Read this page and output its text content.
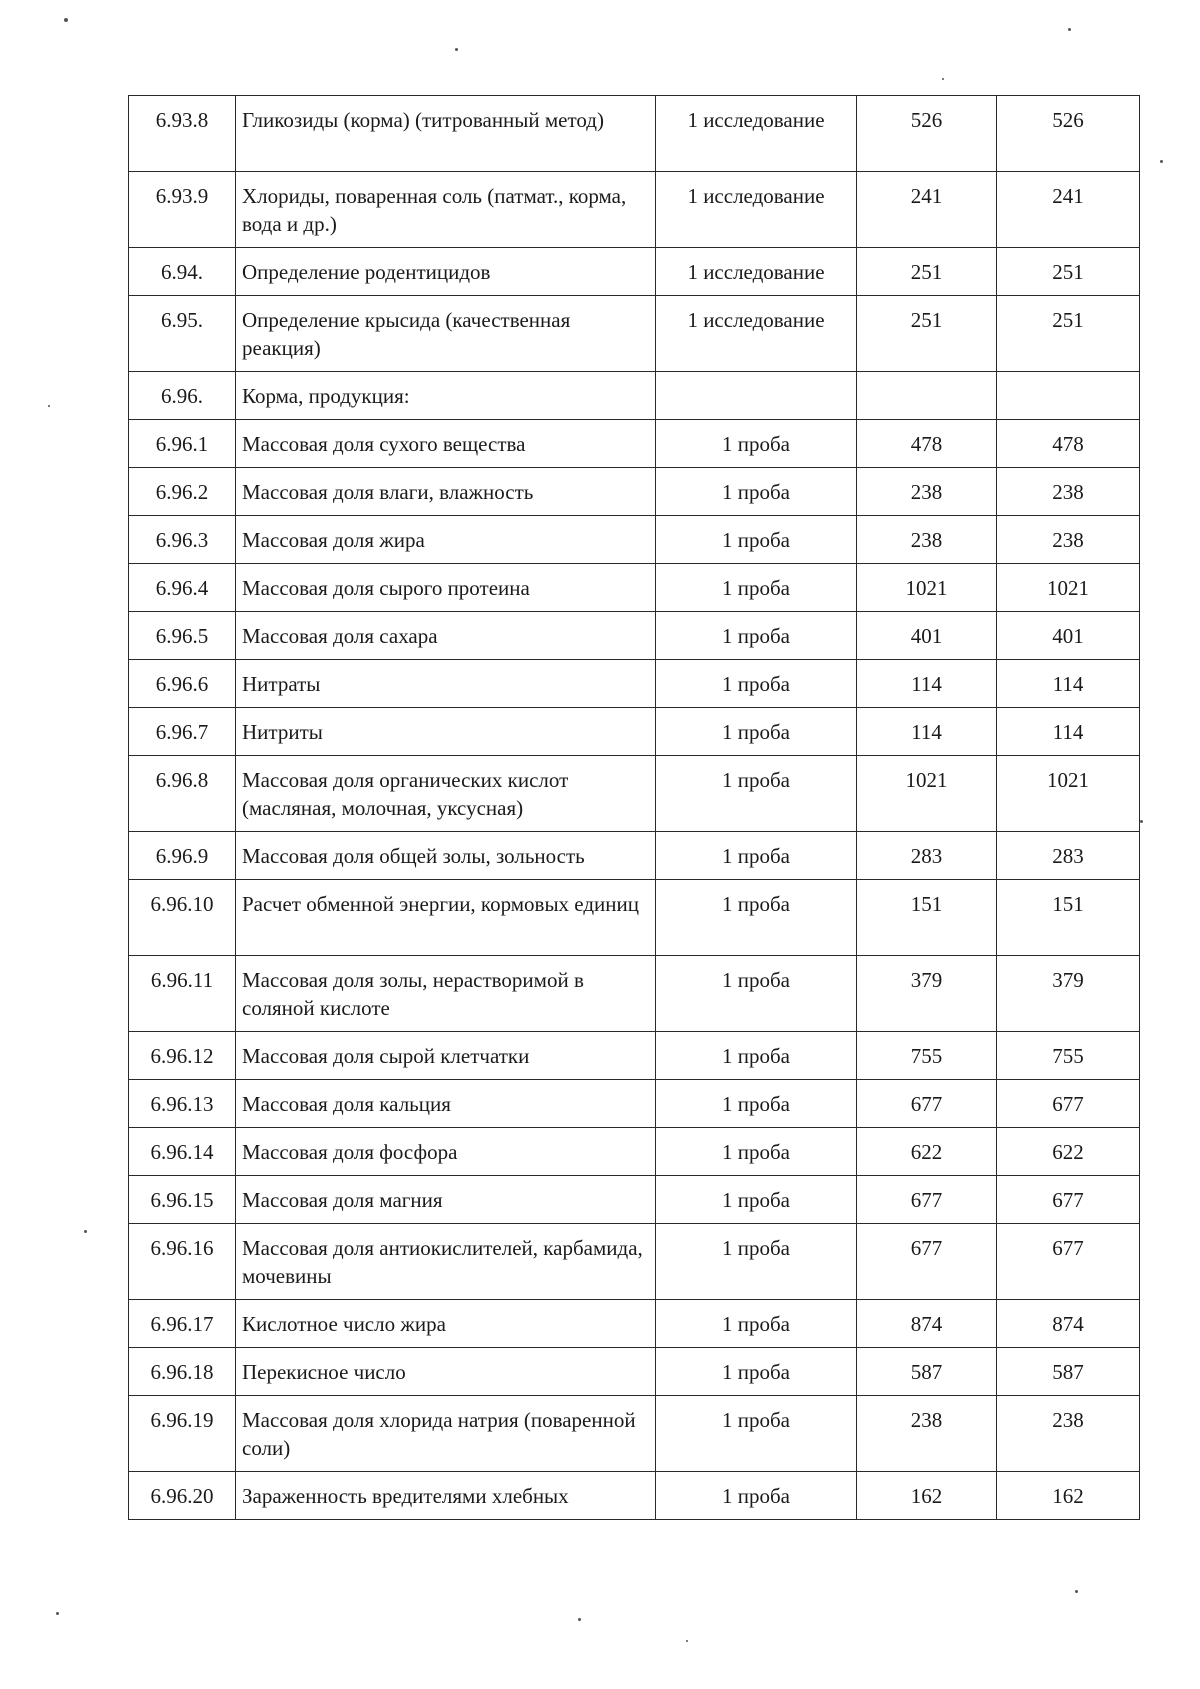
6.93.8	Гликозиды (корма) (титрованный метод)	1 исследование	526	526
6.93.9	Хлориды, поваренная соль (патмат., корма, вода и др.)	1 исследование	241	241
6.94.	Определение родентицидов	1 исследование	251	251
6.95.	Определение крысида (качественная реакция)	1 исследование	251	251
6.96.	Корма, продукция:			
6.96.1	Массовая доля сухого вещества	1 проба	478	478
6.96.2	Массовая доля влаги, влажность	1 проба	238	238
6.96.3	Массовая доля жира	1 проба	238	238
6.96.4	Массовая доля сырого протеина	1 проба	1021	1021
6.96.5	Массовая доля сахара	1 проба	401	401
6.96.6	Нитраты	1 проба	114	114
6.96.7	Нитриты	1 проба	114	114
6.96.8	Массовая доля органических кислот (масляная, молочная, уксусная)	1 проба	1021	1021
6.96.9	Массовая доля общей золы, зольность	1 проба	283	283
6.96.10	Расчет обменной энергии, кормовых единиц	1 проба	151	151
6.96.11	Массовая доля золы, нерастворимой в соляной кислоте	1 проба	379	379
6.96.12	Массовая доля сырой клетчатки	1 проба	755	755
6.96.13	Массовая доля кальция	1 проба	677	677
6.96.14	Массовая доля фосфора	1 проба	622	622
6.96.15	Массовая доля магния	1 проба	677	677
6.96.16	Массовая доля антиокислителей, карбамида, мочевины	1 проба	677	677
6.96.17	Кислотное число жира	1 проба	874	874
6.96.18	Перекисное число	1 проба	587	587
6.96.19	Массовая доля хлорида натрия (поваренной соли)	1 проба	238	238
6.96.20	Зараженность вредителями хлебных	1 проба	162	162
